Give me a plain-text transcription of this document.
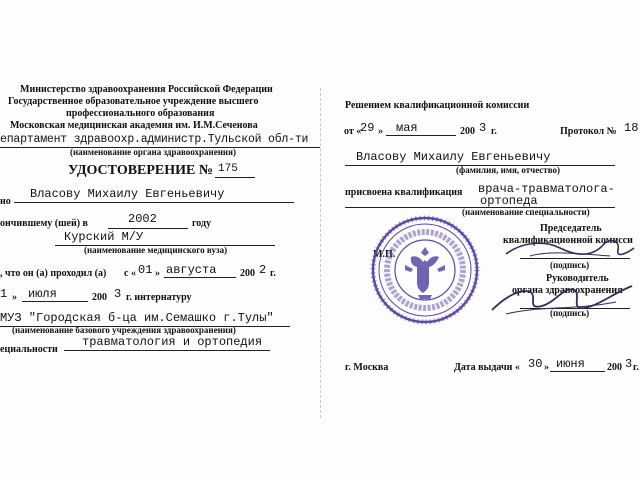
Министерство здравоохранения Российской Федерации
Государственное образовательное учреждение высшего
профессионального образования
Московская медицинская академия им. И.М.Сеченова
епартамент здравоохр.администр.Тульской обл-ти
(наименование органа здравоохранения)
УДОСТОВЕРЕНИЕ № 175
но
Власову Михаилу Евгеньевичу
ончившему (шей) в	2002	году
Курский М/У
(наименование медицинского вуза)
, что он (а) проходил (а) с « 01 » августа 200 2 г.
1 » июля	200 3 г. интернатуру
МУЗ "Городская б-ца им.Семашко г.Тулы"
(наименование базового учреждения здравоохранения)
ециальности
травматология и ортопедия
Решением квалификационной комиссии
от «
29 » мая	200 3 г.	Протокол № 18
Власову Михаилу Евгеньевичу
(фамилия, имя, отчество)
присвоена квалификация врача-травматолога-
ортопеда
(наименование специальности)
Председатель
квалификационной комисси
(подпись)
Руководитель
органа здравоохранения
(подпись)
М.П.
г. Москва	Дата выдачи « 30 » июня 200 3 г.
